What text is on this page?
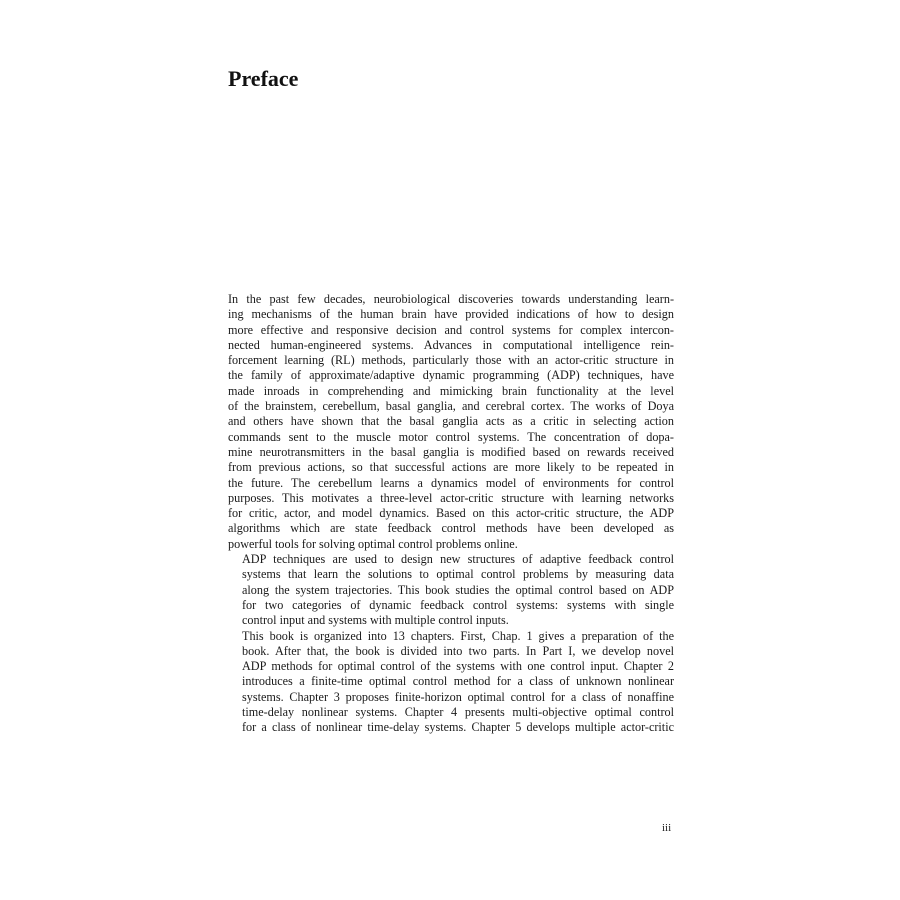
Preface

In the past few decades, neurobiological discoveries towards understanding learn-
ing mechanisms of the human brain have provided indications of how to design
more effective and responsive decision and control systems for complex intercon-
nected human-engineered systems. Advances in computational intelligence rein-
forcement learning (RL) methods, particularly those with an actor-critic structure in
the family of approximate/adaptive dynamic programming (ADP) techniques, have
made inroads in comprehending and mimicking brain functionality at the level
of the brainstem, cerebellum, basal ganglia, and cerebral cortex. The works of Doya
and others have shown that the basal ganglia acts as a critic in selecting action
commands sent to the muscle motor control systems. The concentration of dopa-
mine neurotransmitters in the basal ganglia is modified based on rewards received
from previous actions, so that successful actions are more likely to be repeated in
the future. The cerebellum learns a dynamics model of environments for control
purposes. This motivates a three-level actor-critic structure with learning networks
for critic, actor, and model dynamics. Based on this actor-critic structure, the ADP
algorithms which are state feedback control methods have been developed as
powerful tools for solving optimal control problems online.

ADP techniques are used to design new structures of adaptive feedback control
systems that learn the solutions to optimal control problems by measuring data
along the system trajectories. This book studies the optimal control based on ADP
for two categories of dynamic feedback control systems: systems with single
control input and systems with multiple control inputs.

This book is organized into 13 chapters. First, Chap. 1 gives a preparation of the
book. After that, the book is divided into two parts. In Part I, we develop novel
ADP methods for optimal control of the systems with one control input. Chapter 2
introduces a finite-time optimal control method for a class of unknown nonlinear
systems. Chapter 3 proposes finite-horizon optimal control for a class of nonaffine
time-delay nonlinear systems. Chapter 4 presents multi-objective optimal control
for a class of nonlinear time-delay systems. Chapter 5 develops multiple actor-critic

iii
